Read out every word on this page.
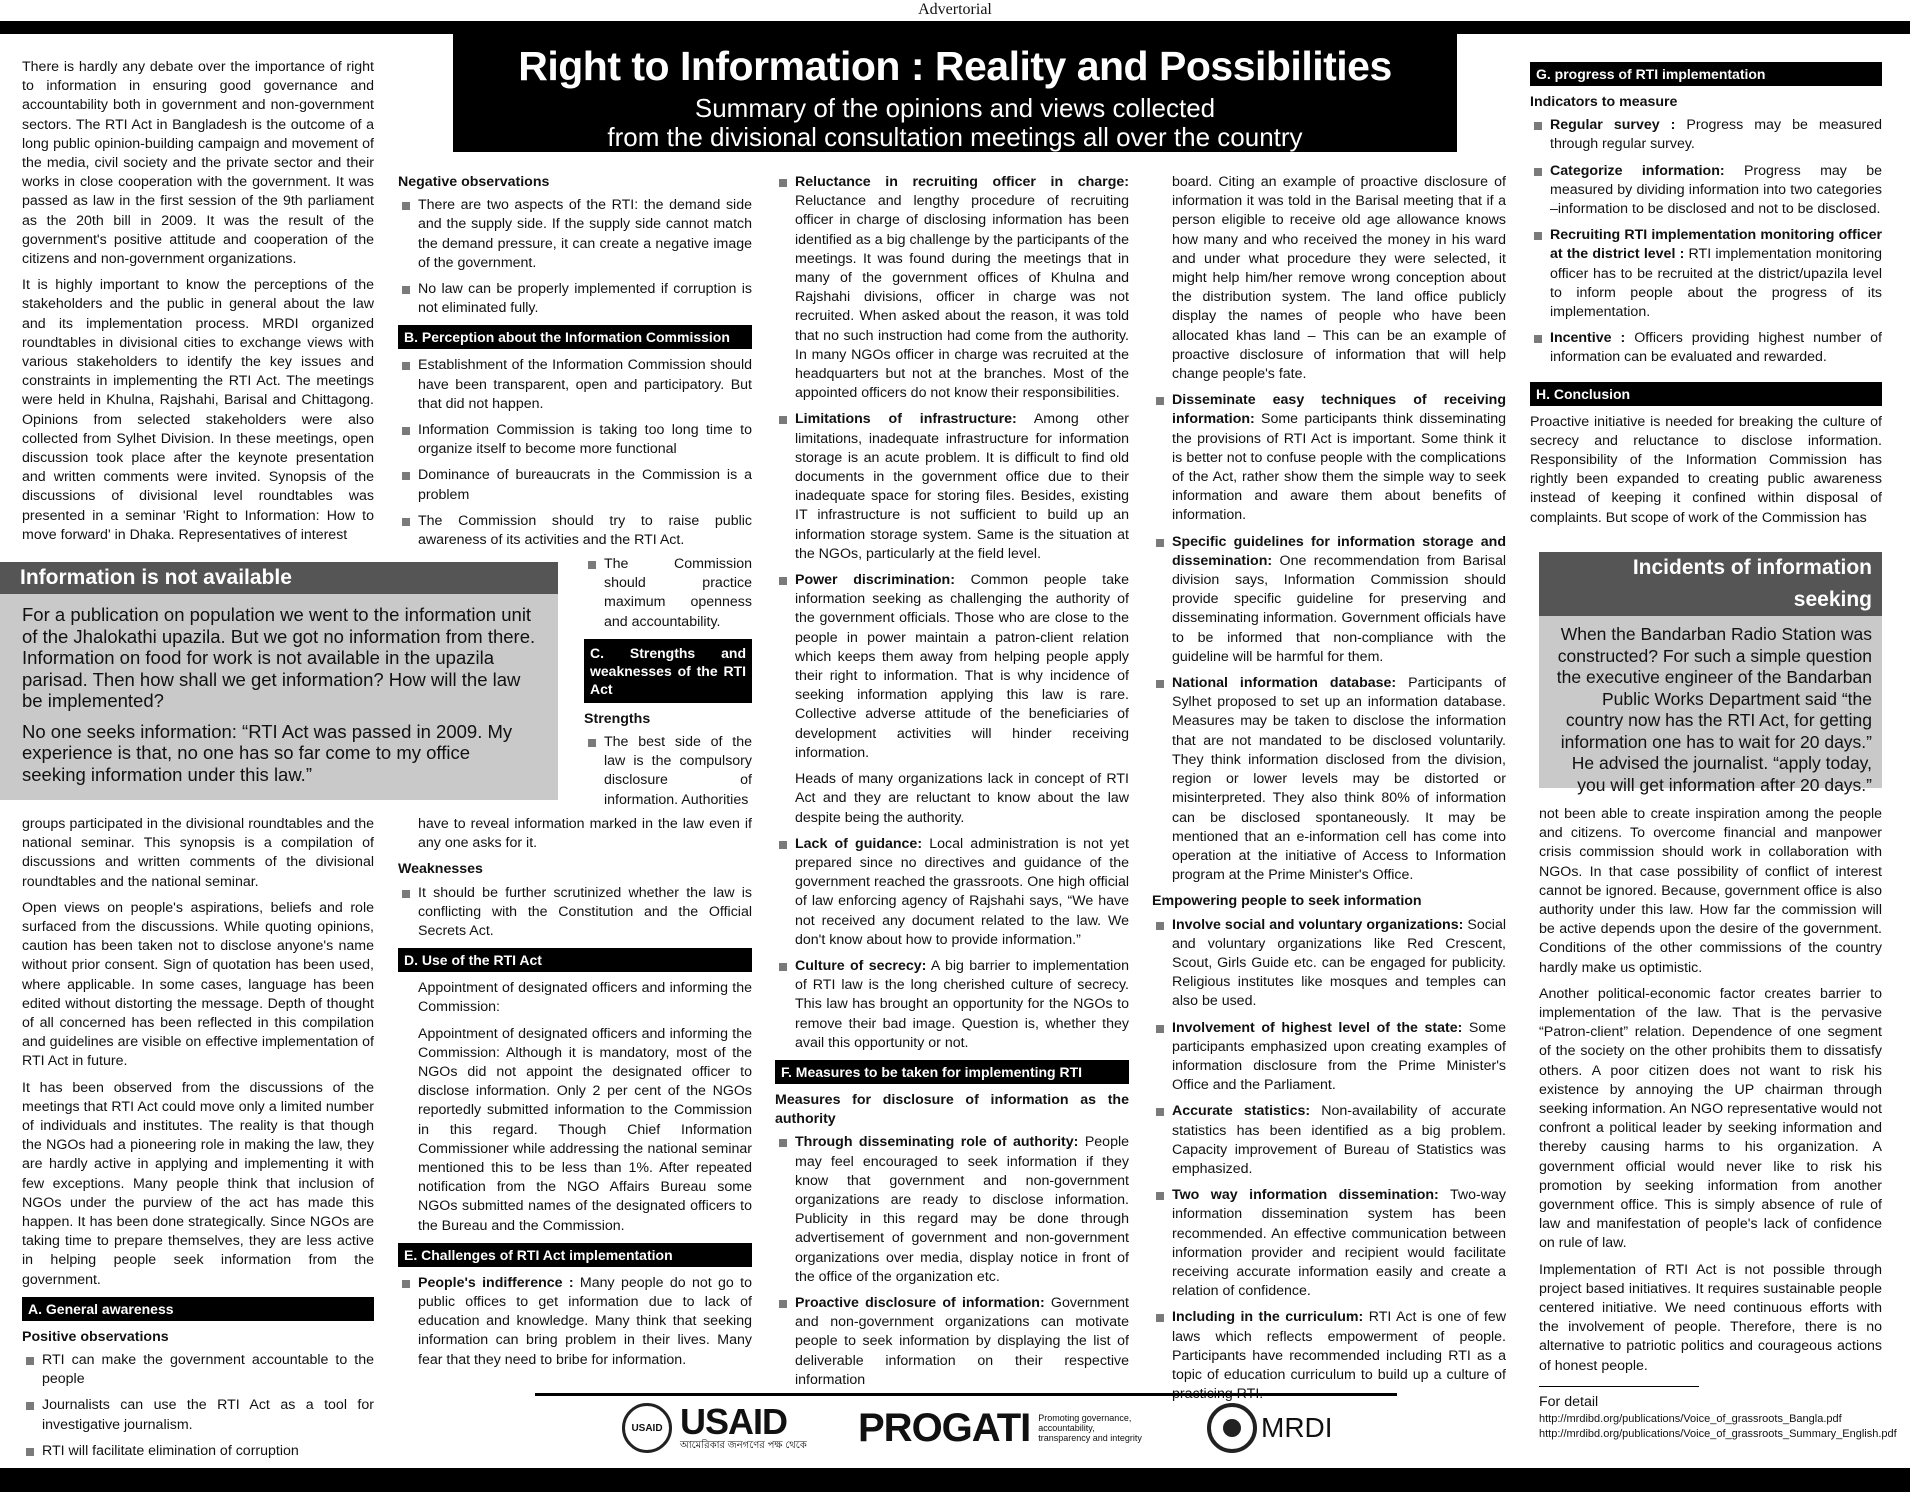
Advertorial
Right to Information : Reality and Possibilities

Summary of the opinions and views collected

from the divisional consultation meetings all over the country

There is hardly any debate over the importance of right to information in ensuring good governance and accountability both in government and non-government sectors. The RTI Act in Bangladesh is the outcome of a long public opinion-building campaign and movement of the media, civil society and the private sector and their works in close cooperation with the government. It was passed as law in the first session of the 9th parliament as the 20th bill in 2009. It was the result of the government's positive attitude and cooperation of the citizens and non-government organizations.

It is highly important to know the perceptions of the stakeholders and the public in general about the law and its implementation process. MRDI organized roundtables in divisional cities to exchange views with various stakeholders to identify the key issues and constraints in implementing the RTI Act. The meetings were held in Khulna, Rajshahi, Barisal and Chittagong. Opinions from selected stakeholders were also collected from Sylhet Division. In these meetings, open discussion took place after the keynote presentation and written comments were invited. Synopsis of the discussions of divisional level roundtables was presented in a seminar 'Right to Information: How to move forward' in Dhaka. Representatives of interest

Information is not available

For a publication on population we went to the information unit of the Jhalokathi upazila. But we got no information from there. Information on food for work is not available in the upazila parisad. Then how shall we get information? How will the law be implemented?

No one seeks information: “RTI Act was passed in 2009. My experience is that, no one has so far come to my office seeking information under this law.”

groups participated in the divisional roundtables and the national seminar. This synopsis is a compilation of discussions and written comments of the divisional roundtables and the national seminar.

Open views on people's aspirations, beliefs and role surfaced from the discussions. While quoting opinions, caution has been taken not to disclose anyone's name without prior consent. Sign of quotation has been used, where applicable. In some cases, language has been edited without distorting the message. Depth of thought of all concerned has been reflected in this compilation and guidelines are visible on effective implementation of RTI Act in future.

It has been observed from the discussions of the meetings that RTI Act could move only a limited number of individuals and institutes. The reality is that though the NGOs had a pioneering role in making the law, they are hardly active in applying and implementing it with few exceptions. Many people think that inclusion of NGOs under the purview of the act has made this happen. It has been done strategically. Since NGOs are taking time to prepare themselves, they are less active in helping people seek information from the government.

A. General awareness
Positive observations
RTI can make the government accountable to the people
Journalists can use the RTI Act as a tool for investigative journalism.
RTI will facilitate elimination of corruption
Negative observations
There are two aspects of the RTI: the demand side and the supply side. If the supply side cannot match the demand pressure, it can create a negative image of the government.
No law can be properly implemented if corruption is not eliminated fully.
B. Perception about the Information Commission
Establishment of the Information Commission should have been transparent, open and participatory. But that did not happen.
Information Commission is taking too long time to organize itself to become more functional
Dominance of bureaucrats in the Commission is a problem
The Commission should try to raise public awareness of its activities and the RTI Act.
The Commission should practice maximum openness and accountability.
C. Strengths and weaknesses of the RTI Act
Strengths
The best side of the law is the compulsory disclosure of information. Authorities

have to reveal information marked in the law even if any one asks for it.

Weaknesses
It should be further scrutinized whether the law is conflicting with the Constitution and the Official Secrets Act.
D. Use of the RTI Act

Appointment of designated officers and informing the Commission:

Appointment of designated officers and informing the Commission: Although it is mandatory, most of the NGOs did not appoint the designated officer to disclose information. Only 2 per cent of the NGOs reportedly submitted information to the Commission in this regard. Though Chief Information Commissioner while addressing the national seminar mentioned this to be less than 1%. After repeated notification from the NGO Affairs Bureau some NGOs submitted names of the designated officers to the Bureau and the Commission.

E. Challenges of RTI Act implementation
People's indifference : Many people do not go to public offices to get information due to lack of education and knowledge. Many think that seeking information can bring problem in their lives. Many fear that they need to bribe for information.
Reluctance in recruiting officer in charge: Reluctance and lengthy procedure of recruiting officer in charge of disclosing information has been identified as a big challenge by the participants of the meetings. It was found during the meetings that in many of the government offices of Khulna and Rajshahi divisions, officer in charge was not recruited. When asked about the reason, it was told that no such instruction had come from the authority. In many NGOs officer in charge was recruited at the headquarters but not at the branches. Most of the appointed officers do not know their responsibilities.
Limitations of infrastructure: Among other limitations, inadequate infrastructure for information storage is an acute problem. It is difficult to find old documents in the government office due to their inadequate space for storing files. Besides, existing IT infrastructure is not sufficient to build up an information storage system. Same is the situation at the NGOs, particularly at the field level.
Power discrimination: Common people take information seeking as challenging the authority of the government officials. Those who are close to the people in power maintain a patron-client relation which keeps them away from helping people apply their right to information. That is why incidence of seeking information applying this law is rare. Collective adverse attitude of the beneficiaries of development activities will hinder receiving information.

Heads of many organizations lack in concept of RTI Act and they are reluctant to know about the law despite being the authority.

Lack of guidance: Local administration is not yet prepared since no directives and guidance of the government reached the grassroots. One high official of law enforcing agency of Rajshahi says, “We have not received any document related to the law. We don't know about how to provide information.”
Culture of secrecy: A big barrier to implementation of RTI law is the long cherished culture of secrecy. This law has brought an opportunity for the NGOs to remove their bad image. Question is, whether they avail this opportunity or not.
F. Measures to be taken for implementing RTI
Measures for disclosure of information as the authority
Through disseminating role of authority: People may feel encouraged to seek information if they know that government and non-government organizations are ready to disclose information. Publicity in this regard may be done through advertisement of government and non-government organizations over media, display notice in front of the office of the organization etc.
Proactive disclosure of information: Government and non-government organizations can motivate people to seek information by displaying the list of deliverable information on their respective information

board. Citing an example of proactive disclosure of information it was told in the Barisal meeting that if a person eligible to receive old age allowance knows how many and who received the money in his ward and under what procedure they were selected, it might help him/her remove wrong conception about the distribution system. The land office publicly display the names of people who have been allocated khas land – This can be an example of proactive disclosure of information that will help change people's fate.

Disseminate easy techniques of receiving information: Some participants think disseminating the provisions of RTI Act is important. Some think it is better not to confuse people with the complications of the Act, rather show them the simple way to seek information and aware them about benefits of information.
Specific guidelines for information storage and dissemination: One recommendation from Barisal division says, Information Commission should provide specific guideline for preserving and disseminating information. Government officials have to be informed that non-compliance with the guideline will be harmful for them.
National information database: Participants of Sylhet proposed to set up an information database. Measures may be taken to disclose the information that are not mandated to be disclosed voluntarily. They think information disclosed from the division, region or lower levels may be distorted or misinterpreted. They also think 80% of information can be disclosed spontaneously. It may be mentioned that an e-information cell has come into operation at the initiative of Access to Information program at the Prime Minister's Office.
Empowering people to seek information
Involve social and voluntary organizations: Social and voluntary organizations like Red Crescent, Scout, Girls Guide etc. can be engaged for publicity. Religious institutes like mosques and temples can also be used.
Involvement of highest level of the state: Some participants emphasized upon creating examples of information disclosure from the Prime Minister's Office and the Parliament.
Accurate statistics: Non-availability of accurate statistics has been identified as a big problem. Capacity improvement of Bureau of Statistics was emphasized.
Two way information dissemination: Two-way information dissemination system has been recommended. An effective communication between information provider and recipient would facilitate receiving accurate information easily and create a relation of confidence.
Including in the curriculum: RTI Act is one of few laws which reflects empowerment of people. Participants have recommended including RTI as a topic of education curriculum to build up a culture of
G. progress of RTI implementation
Indicators to measure
Regular survey : Progress may be measured through regular survey.
Categorize information: Progress may be measured by dividing information into two categories –information to be disclosed and not to be disclosed.
Recruiting RTI implementation monitoring officer at the district level : RTI implementation monitoring officer has to be recruited at the district/upazila level to inform people about the progress of its implementation.
Incentive : Officers providing highest number of information can be evaluated and rewarded.
H. Conclusion

Proactive initiative is needed for breaking the culture of secrecy and reluctance to disclose information. Responsibility of the Information Commission has rightly been expanded to creating public awareness instead of keeping it confined within disposal of complaints. But scope of work of the Commission has

Incidents of information seeking
When the Bandarban Radio Station was constructed? For such a simple question the executive engineer of the Bandarban Public Works Department said “the country now has the RTI Act, for getting information one has to wait for 20 days.” He advised the journalist. “apply today, you will get information after 20 days.”

not been able to create inspiration among the people and citizens. To overcome financial and manpower crisis commission should work in collaboration with NGOs. In that case possibility of conflict of interest cannot be ignored. Because, government office is also authority under this law. How far the commission will be active depends upon the desire of the government. Conditions of the other commissions of the country hardly make us optimistic.

Another political-economic factor creates barrier to implementation of the law. That is the pervasive “Patron-client” relation. Dependence of one segment of the society on the other prohibits them to dissatisfy others. A poor citizen does not want to risk his existence by annoying the UP chairman through seeking information. An NGO representative would not confront a political leader by seeking information and thereby causing harms to his organization. A government official would never like to risk his promotion by seeking information from another government office. This is simply absence of rule of law and manifestation of people's lack of confidence on rule of law.

Implementation of RTI Act is not possible through project based initiatives. It requires sustainable people centered initiative. We need continuous efforts with the involvement of people. Therefore, there is no alternative to patriotic politics and courageous actions of honest people.

For detail
http://mrdibd.org/publications/Voice_of_grassroots_Bangla.pdf
http://mrdibd.org/publications/Voice_of_grassroots_Summary_English.pdf
USAID USAID
আমেরিকার জনগণের পক্ষ থেকে PROGATI Promoting governance, accountability, transparency and integrity	MRDI
